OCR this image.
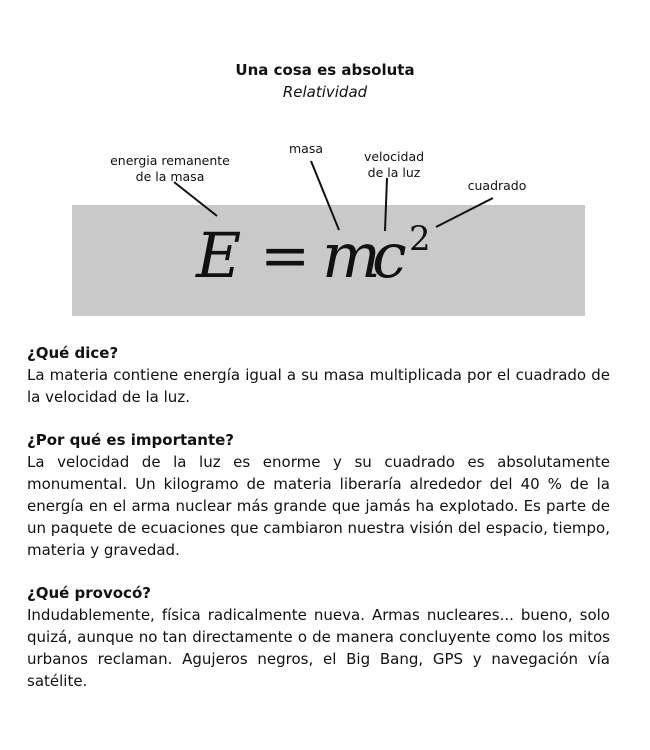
Una cosa es absoluta
Relatividad
energia remanente
de la masa
masa
velocidad
de la luz
cuadrado
E = m
c 2
¿Qué dice?
La materia contiene energía igual a su masa multiplicada por el cuadrado de la velocidad de la luz.
¿Por qué es importante?
La velocidad de la luz es enorme y su cuadrado es absolutamente monumental. Un kilogramo de materia liberaría alrededor del 40 % de la energía en el arma nuclear más grande que jamás ha explotado. Es parte de un paquete de ecuaciones que cambiaron nuestra visión del espacio, tiempo, materia y gravedad.
¿Qué provocó?
Indudablemente, física radicalmente nueva. Armas nucleares... bueno, solo quizá, aunque no tan directamente o de manera concluyente como los mitos urbanos reclaman. Agujeros negros, el Big Bang, GPS y navegación vía satélite.
